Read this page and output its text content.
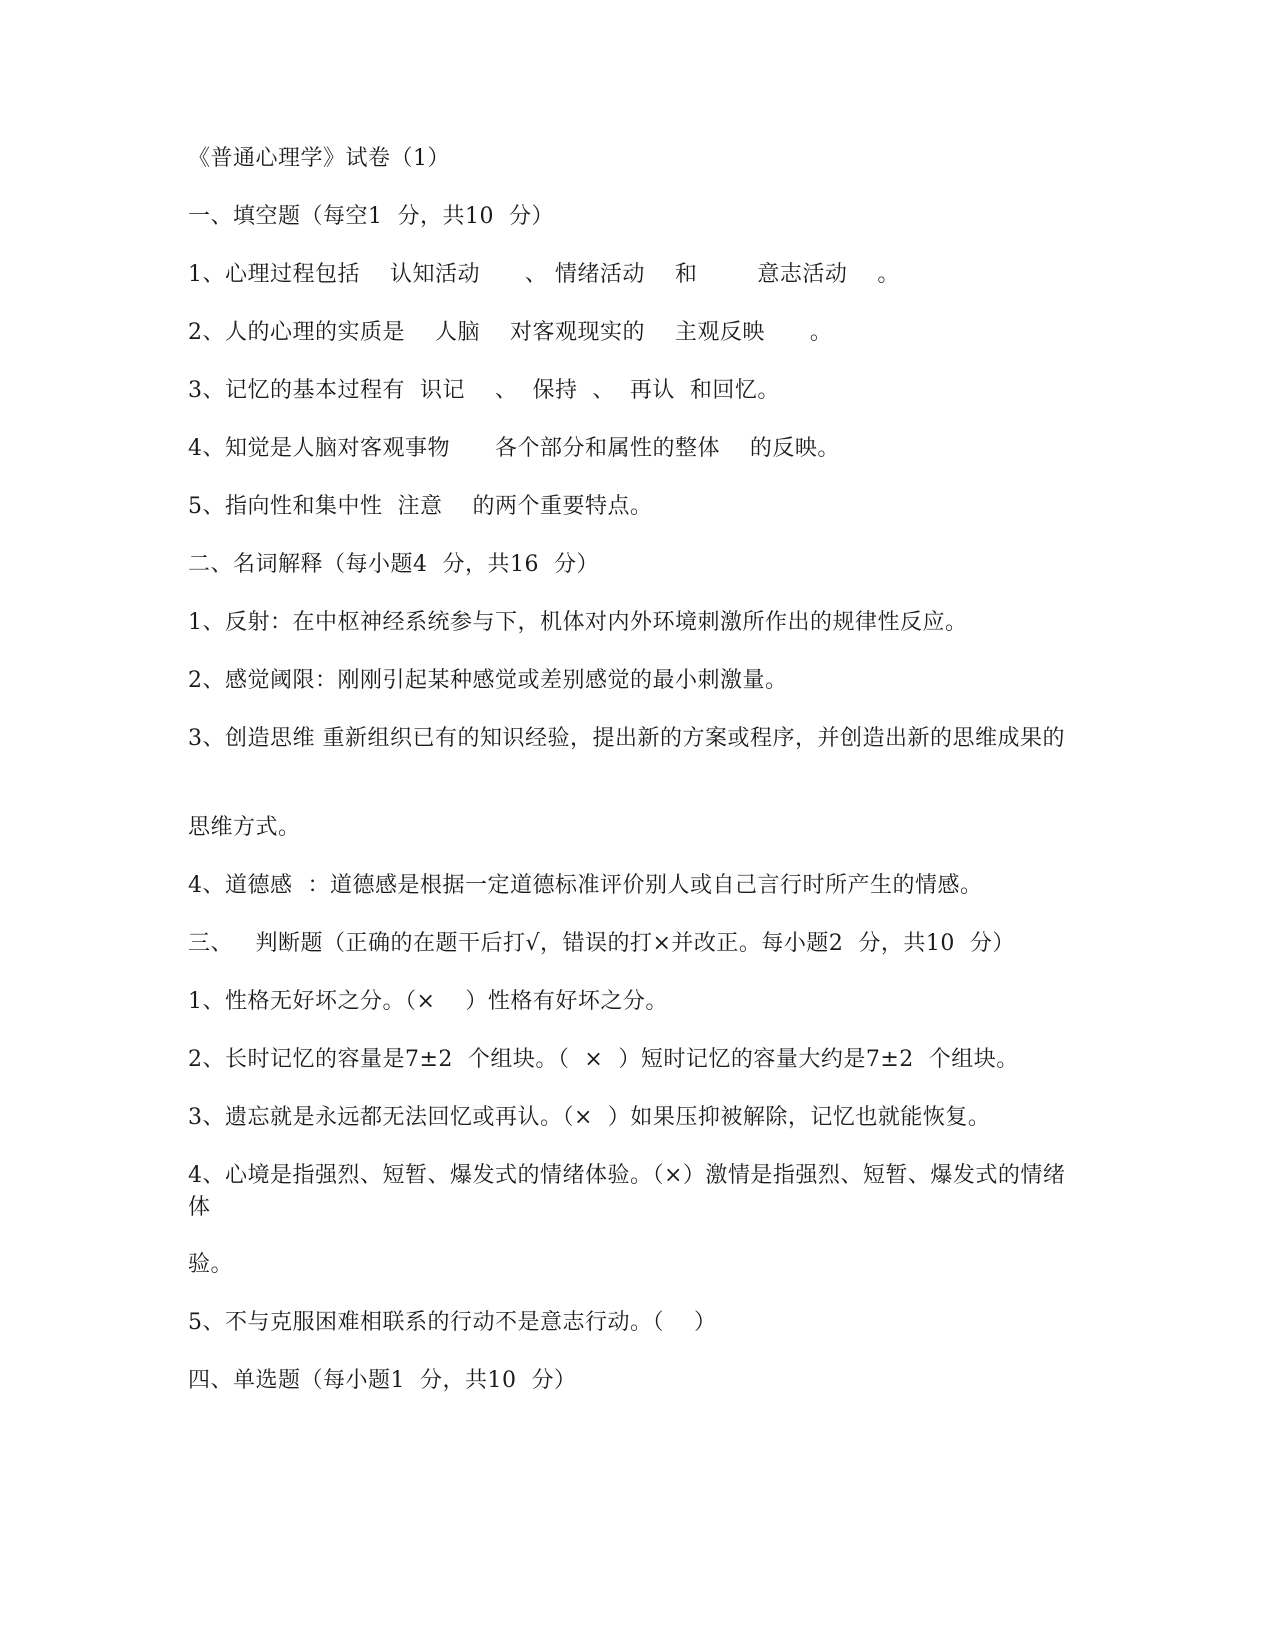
《普通心理学》试卷（1）
一、填空题（每空1  分，共10  分）
1、心理过程包括    认知活动      、 情绪活动    和        意志活动    。
2、人的心理的实质是    人脑    对客观现实的    主观反映      。
3、记忆的基本过程有  识记    、  保持  、  再认  和回忆。
4、知觉是人脑对客观事物      各个部分和属性的整体    的反映。
5、指向性和集中性  注意    的两个重要特点。
二、名词解释（每小题4  分，共16  分）
1、反射：在中枢神经系统参与下，机体对内外环境刺激所作出的规律性反应。
2、感觉阈限：刚刚引起某种感觉或差别感觉的最小刺激量。
3、创造思维 重新组织已有的知识经验，提出新的方案或程序，并创造出新的思维成果的
思维方式。
4、道德感  ：道德感是根据一定道德标准评价别人或自己言行时所产生的情感。
三、   判断题（正确的在题干后打√，错误的打×并改正。每小题2  分，共10  分）
1、性格无好坏之分。（×    ）性格有好坏之分。
2、长时记忆的容量是7±2  个组块。（  ×  ）短时记忆的容量大约是7±2  个组块。
3、遗忘就是永远都无法回忆或再认。（×  ）如果压抑被解除，记忆也就能恢复。
4、心境是指强烈、短暂、爆发式的情绪体验。（×）激情是指强烈、短暂、爆发式的情绪体
验。
5、不与克服困难相联系的行动不是意志行动。（    ）
四、单选题（每小题1  分，共10  分）
